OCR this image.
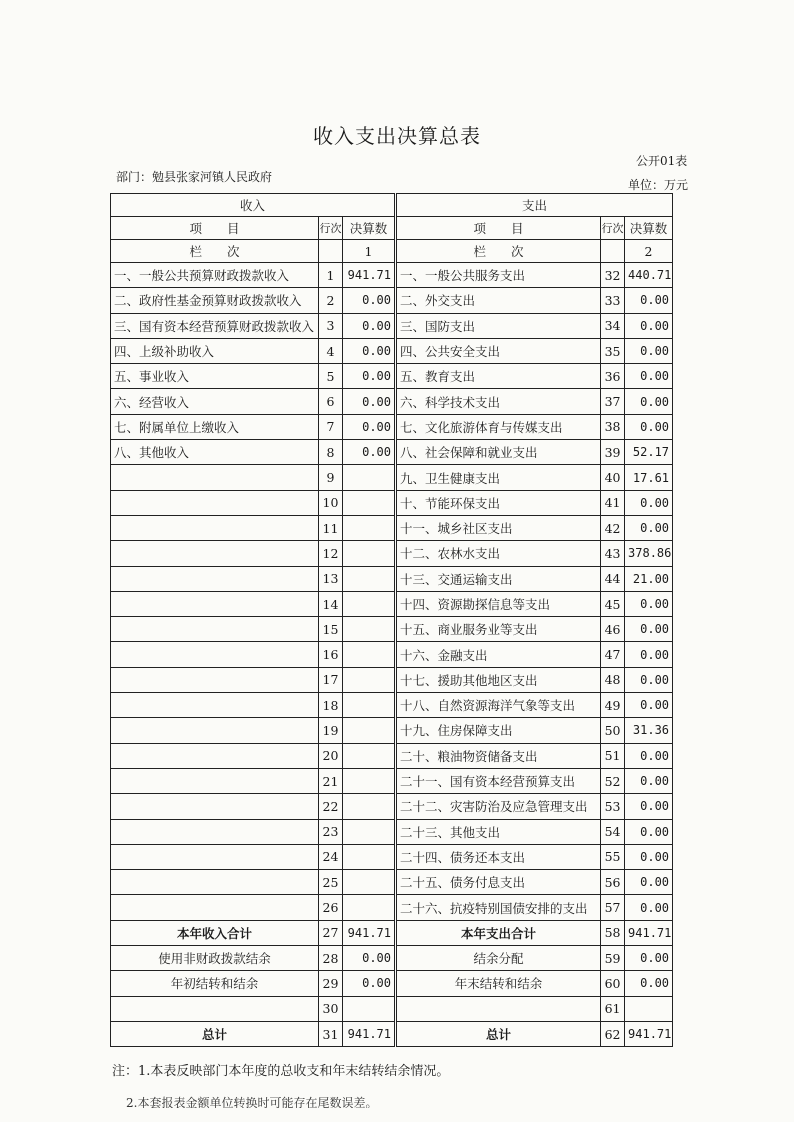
收入支出决算总表
公开01表
部门：勉县张家河镇人民政府
单位：万元
收入			支出		
项　　目	行次	决算数	项　　目	行次	决算数
栏　　次		1	栏　　次		2
一、一般公共预算财政拨款收入	1	941.71	一、一般公共服务支出	32	440.71
二、政府性基金预算财政拨款收入	2	0.00	二、外交支出	33	0.00
三、国有资本经营预算财政拨款收入	3	0.00	三、国防支出	34	0.00
四、上级补助收入	4	0.00	四、公共安全支出	35	0.00
五、事业收入	5	0.00	五、教育支出	36	0.00
六、经营收入	6	0.00	六、科学技术支出	37	0.00
七、附属单位上缴收入	7	0.00	七、文化旅游体育与传媒支出	38	0.00
八、其他收入	8	0.00	八、社会保障和就业支出	39	52.17
	9		九、卫生健康支出	40	17.61
	10		十、节能环保支出	41	0.00
	11		十一、城乡社区支出	42	0.00
	12		十二、农林水支出	43	378.86
	13		十三、交通运输支出	44	21.00
	14		十四、资源勘探信息等支出	45	0.00
	15		十五、商业服务业等支出	46	0.00
	16		十六、金融支出	47	0.00
	17		十七、援助其他地区支出	48	0.00
	18		十八、自然资源海洋气象等支出	49	0.00
	19		十九、住房保障支出	50	31.36
	20		二十、粮油物资储备支出	51	0.00
	21		二十一、国有资本经营预算支出	52	0.00
	22		二十二、灾害防治及应急管理支出	53	0.00
	23		二十三、其他支出	54	0.00
	24		二十四、债务还本支出	55	0.00
	25		二十五、债务付息支出	56	0.00
	26		二十六、抗疫特别国债安排的支出	57	0.00
本年收入合计	27	941.71	本年支出合计	58	941.71
使用非财政拨款结余	28	0.00	结余分配	59	0.00
年初结转和结余	29	0.00	年末结转和结余	60	0.00
	30			61	
总计	31	941.71	总计	62	941.71
注：1.本表反映部门本年度的总收支和年末结转结余情况。
2.本套报表金额单位转换时可能存在尾数误差。
